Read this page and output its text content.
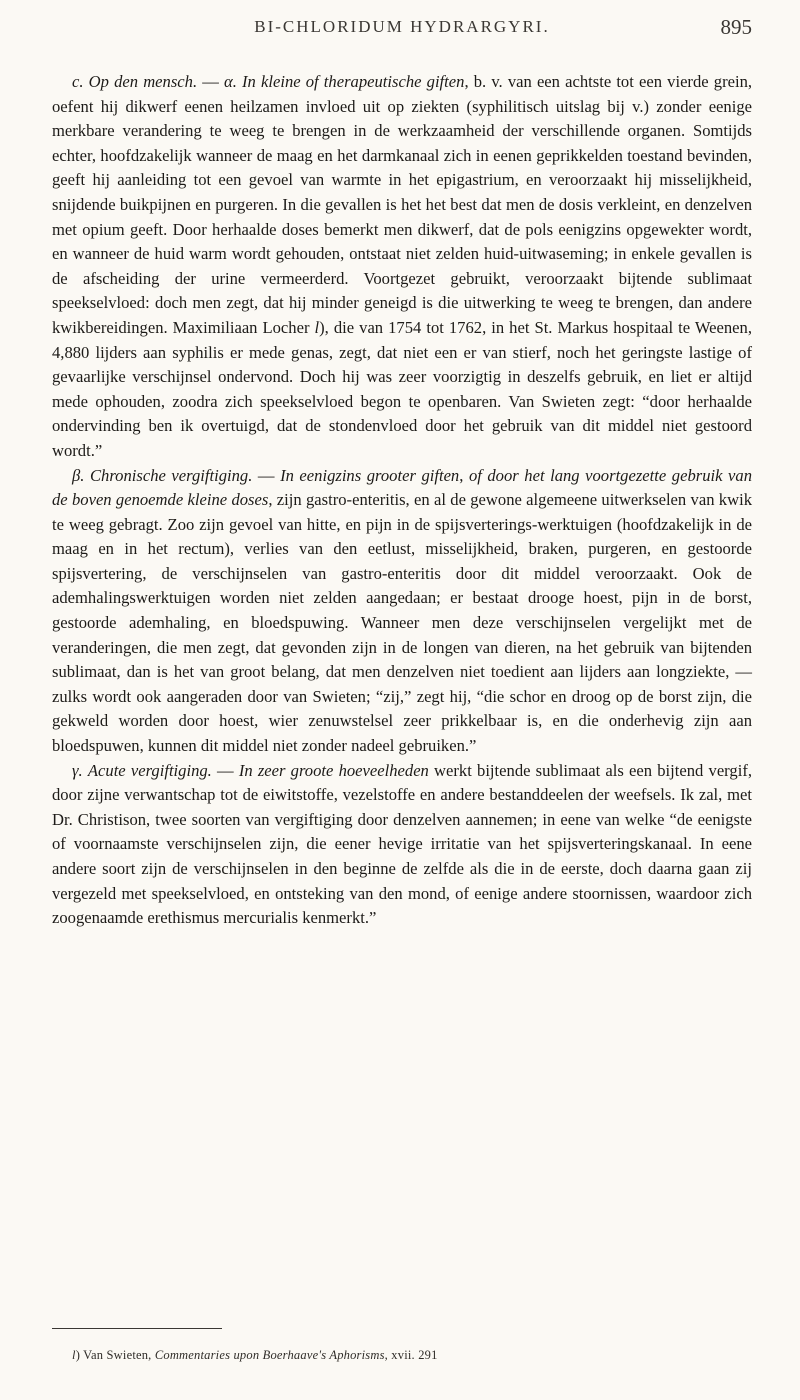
BI-CHLORIDUM HYDRARGYRI.	895

c. Op den mensch. — α. In kleine of therapeutische giften, b. v. van een achtste tot een vierde grein, oefent hij dikwerf eenen heilzamen invloed uit op ziekten (syphilitisch uitslag bij v.) zonder eenige merkbare verandering te weeg te brengen in de werkzaamheid der verschillende organen. Somtijds echter, hoofdzakelijk wanneer de maag en het darmkanaal zich in eenen geprikkelden toestand bevinden, geeft hij aanleiding tot een gevoel van warmte in het epigastrium, en veroorzaakt hij misselijkheid, snijdende buikpijnen en purgeren. In die gevallen is het het best dat men de dosis verkleint, en denzelven met opium geeft. Door herhaalde doses bemerkt men dikwerf, dat de pols eenigzins opgewekter wordt, en wanneer de huid warm wordt gehouden, ontstaat niet zelden huid-uitwaseming; in enkele gevallen is de afscheiding der urine vermeerderd. Voortgezet gebruikt, veroorzaakt bijtende sublimaat speekselvloed: doch men zegt, dat hij minder geneigd is die uitwerking te weeg te brengen, dan andere kwikbereidingen. Maximiliaan Locher l), die van 1754 tot 1762, in het St. Markus hospitaal te Weenen, 4,880 lijders aan syphilis er mede genas, zegt, dat niet een er van stierf, noch het geringste lastige of gevaarlijke verschijnsel ondervond. Doch hij was zeer voorzigtig in deszelfs gebruik, en liet er altijd mede ophouden, zoodra zich speekselvloed begon te openbaren. Van Swieten zegt: “door herhaalde ondervinding ben ik overtuigd, dat de stondenvloed door het gebruik van dit middel niet gestoord wordt.”

β. Chronische vergiftiging. — In eenigzins grooter giften, of door het lang voortgezette gebruik van de boven genoemde kleine doses, zijn gastro-enteritis, en al de gewone algemeene uitwerkselen van kwik te weeg gebragt. Zoo zijn gevoel van hitte, en pijn in de spijsverterings-werktuigen (hoofdzakelijk in de maag en in het rectum), verlies van den eetlust, misselijkheid, braken, purgeren, en gestoorde spijsvertering, de verschijnselen van gastro-enteritis door dit middel veroorzaakt. Ook de ademhalingswerktuigen worden niet zelden aangedaan; er bestaat drooge hoest, pijn in de borst, gestoorde ademhaling, en bloedspuwing. Wanneer men deze verschijnselen vergelijkt met de veranderingen, die men zegt, dat gevonden zijn in de longen van dieren, na het gebruik van bijtenden sublimaat, dan is het van groot belang, dat men denzelven niet toedient aan lijders aan longziekte, — zulks wordt ook aangeraden door van Swieten; “zij,” zegt hij, “die schor en droog op de borst zijn, die gekweld worden door hoest, wier zenuwstelsel zeer prikkelbaar is, en die onderhevig zijn aan bloedspuwen, kunnen dit middel niet zonder nadeel gebruiken.”

γ. Acute vergiftiging. — In zeer groote hoeveelheden werkt bijtende sublimaat als een bijtend vergif, door zijne verwantschap tot de eiwitstoffe, vezelstoffe en andere bestanddeelen der weefsels. Ik zal, met Dr. Christison, twee soorten van vergiftiging door denzelven aannemen; in eene van welke “de eenigste of voornaamste verschijnselen zijn, die eener hevige irritatie van het spijsverteringskanaal. In eene andere soort zijn de verschijnselen in den beginne de zelfde als die in de eerste, doch daarna gaan zij vergezeld met speekselvloed, en ontsteking van den mond, of eenige andere stoornissen, waardoor zich zoogenaamde erethismus mercurialis kenmerkt.”

l) Van Swieten, Commentaries upon Boerhaave's Aphorisms, xvii. 291
